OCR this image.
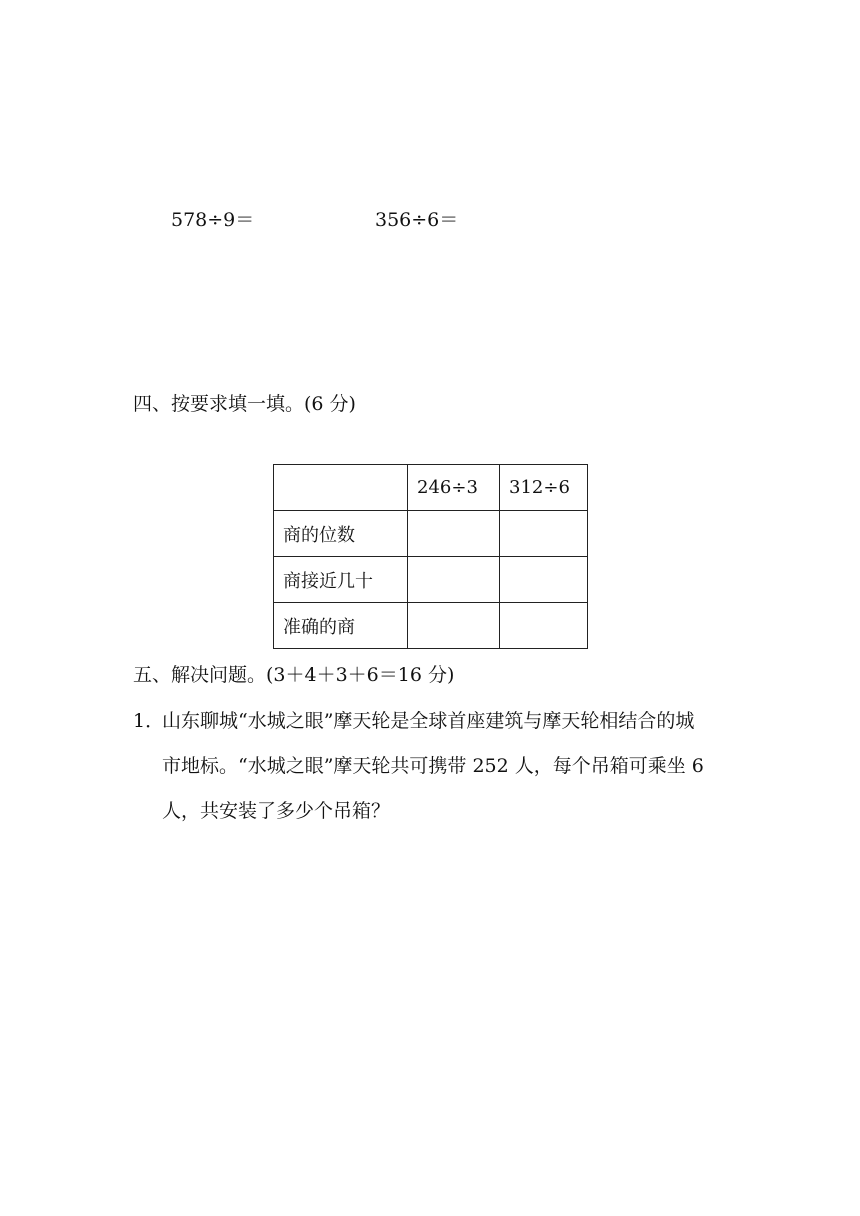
578÷9＝	356÷6＝
四、按要求填一填。(6 分)
	246÷3	312÷6
商的位数		
商接近几十		
准确的商		
五、解决问题。(3＋4＋3＋6＝16 分)
1．
山东聊城“水城之眼”摩天轮是全球首座建筑与摩天轮相结合的城
市地标。“水城之眼”摩天轮共可携带 252 人，每个吊箱可乘坐 6
人，共安装了多少个吊箱？
